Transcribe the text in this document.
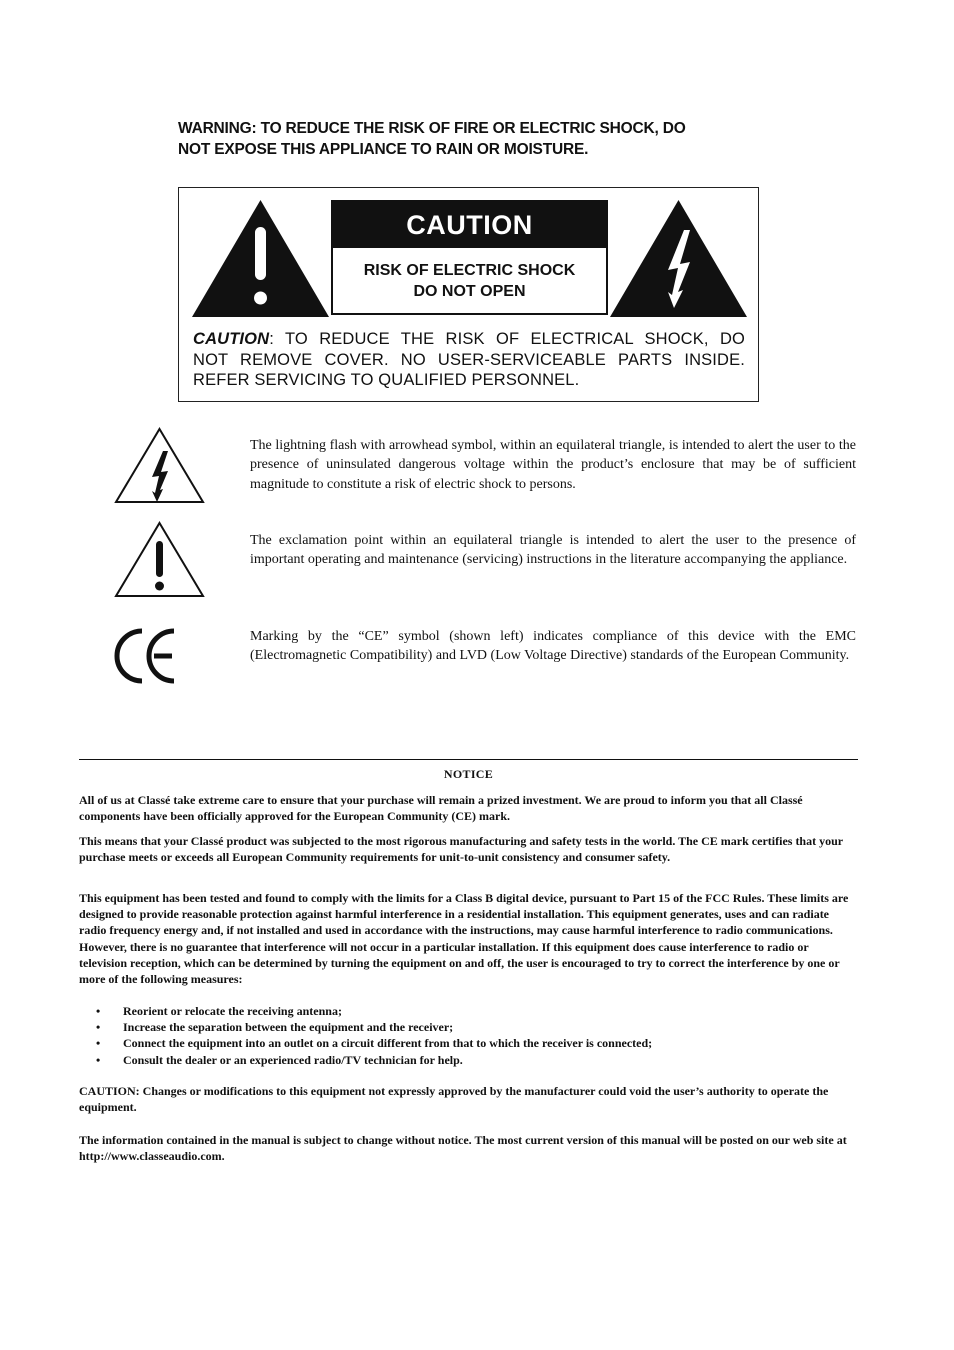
WARNING: TO REDUCE THE RISK OF FIRE OR ELECTRIC SHOCK, DO
NOT EXPOSE THIS APPLIANCE TO RAIN OR MOISTURE.
CAUTION
RISK OF ELECTRIC SHOCK
DO NOT OPEN
CAUTION: TO REDUCE THE RISK OF ELECTRICAL SHOCK, DO
NOT REMOVE COVER. NO USER-SERVICEABLE PARTS INSIDE.
REFER SERVICING TO QUALIFIED PERSONNEL.
The lightning flash with arrowhead symbol, within an equilateral triangle, is intended to alert the user to the presence of uninsulated dangerous voltage within the product’s enclosure that may be of sufficient magnitude to constitute a risk of electric shock to persons.
The exclamation point within an equilateral triangle is intended to alert the user to the presence of important operating and maintenance (servicing) instructions in the literature accompanying the appliance.
Marking by the “CE” symbol (shown left) indicates compliance of this device with the EMC (Electromagnetic Compatibility) and LVD (Low Voltage Directive) standards of the European Community.
NOTICE
All of us at Classé take extreme care to ensure that your purchase will remain a prized investment. We are proud to inform you that all Classé components have been officially approved for the European Community (CE) mark.
This means that your Classé product was subjected to the most rigorous manufacturing and safety tests in the world. The CE mark certifies that your purchase meets or exceeds all European Community requirements for unit-to-unit consistency and consumer safety.
This equipment has been tested and found to comply with the limits for a Class B digital device, pursuant to Part 15 of the FCC Rules. These limits are designed to provide reasonable protection against harmful interference in a residential installation. This equipment generates, uses and can radiate radio frequency energy and, if not installed and used in accordance with the instructions, may cause harmful interference to radio communications. However, there is no guarantee that interference will not occur in a particular installation. If this equipment does cause interference to radio or television reception, which can be determined by turning the equipment on and off, the user is encouraged to try to correct the interference by one or more of the following measures:
•	Reorient or relocate the receiving antenna;
•	Increase the separation between the equipment and the receiver;
•	Connect the equipment into an outlet on a circuit different from that to which the receiver is connected;
•	Consult the dealer or an experienced radio/TV technician for help.
CAUTION: Changes or modifications to this equipment not expressly approved by the manufacturer could void the user’s authority to operate the equipment.
The information contained in the manual is subject to change without notice. The most current version of this manual will be posted on our web site at http://www.classeaudio.com.
